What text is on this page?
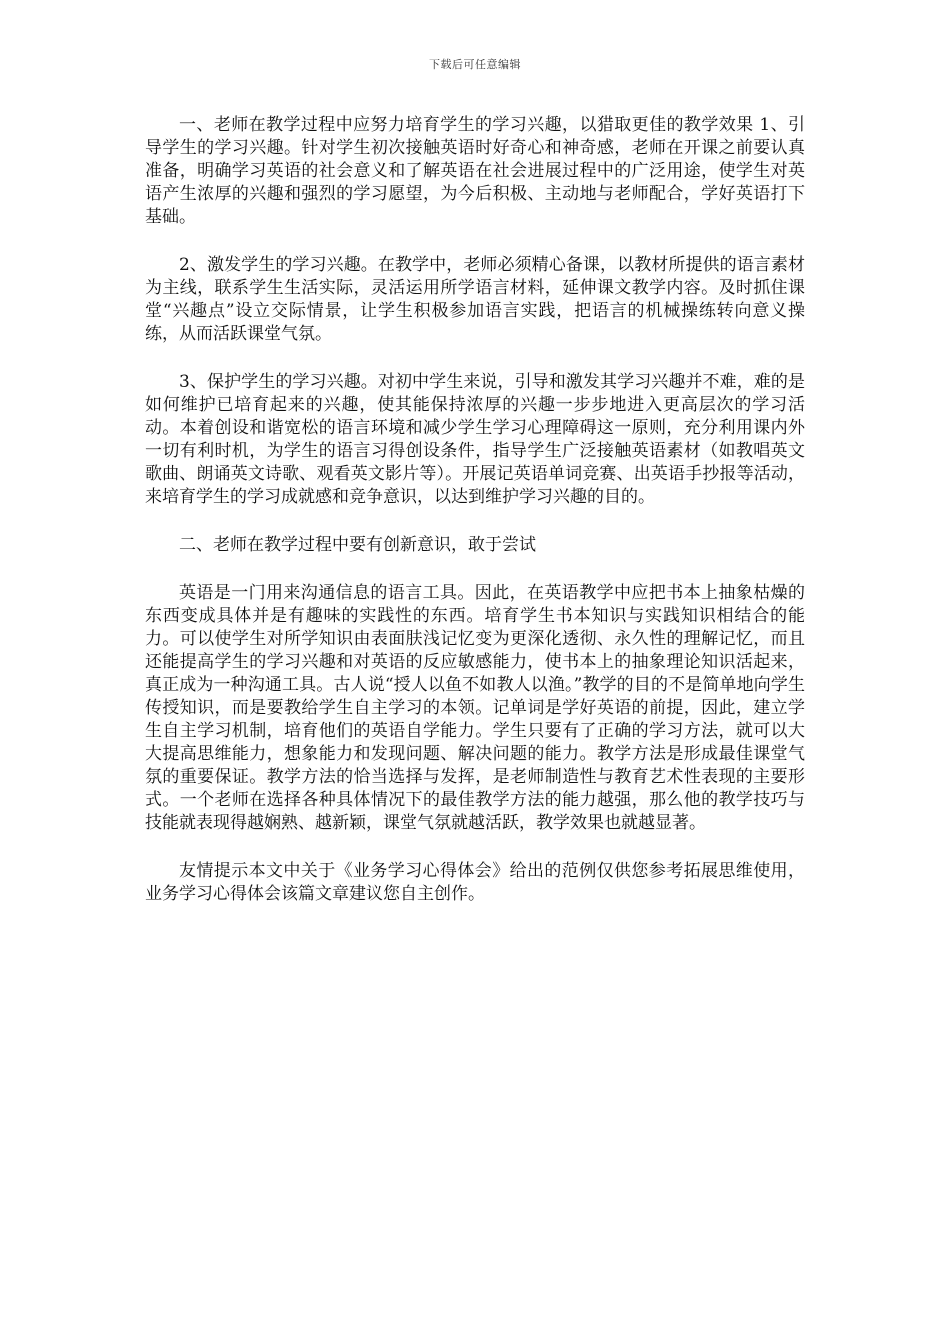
下载后可任意编辑

一、老师在教学过程中应努力培育学生的学习兴趣，以猎取更佳的教学效果 1、引导学生的学习兴趣。针对学生初次接触英语时好奇心和神奇感，老师在开课之前要认真准备，明确学习英语的社会意义和了解英语在社会进展过程中的广泛用途，使学生对英语产生浓厚的兴趣和强烈的学习愿望，为今后积极、主动地与老师配合，学好英语打下基础。

2、激发学生的学习兴趣。在教学中，老师必须精心备课，以教材所提供的语言素材为主线，联系学生生活实际，灵活运用所学语言材料，延伸课文教学内容。及时抓住课堂“兴趣点”设立交际情景，让学生积极参加语言实践，把语言的机械操练转向意义操练，从而活跃课堂气氛。

3、保护学生的学习兴趣。对初中学生来说，引导和激发其学习兴趣并不难，难的是如何维护已培育起来的兴趣，使其能保持浓厚的兴趣一步步地进入更高层次的学习活动。本着创设和谐宽松的语言环境和减少学生学习心理障碍这一原则，充分利用课内外一切有利时机，为学生的语言习得创设条件，指导学生广泛接触英语素材（如教唱英文歌曲、朗诵英文诗歌、观看英文影片等）。开展记英语单词竞赛、出英语手抄报等活动，来培育学生的学习成就感和竞争意识，以达到维护学习兴趣的目的。

二、老师在教学过程中要有创新意识，敢于尝试

英语是一门用来沟通信息的语言工具。因此，在英语教学中应把书本上抽象枯燥的东西变成具体并是有趣味的实践性的东西。培育学生书本知识与实践知识相结合的能力。可以使学生对所学知识由表面肤浅记忆变为更深化透彻、永久性的理解记忆，而且还能提高学生的学习兴趣和对英语的反应敏感能力，使书本上的抽象理论知识活起来，真正成为一种沟通工具。古人说“授人以鱼不如教人以渔。”教学的目的不是简单地向学生传授知识，而是要教给学生自主学习的本领。记单词是学好英语的前提，因此，建立学生自主学习机制，培育他们的英语自学能力。学生只要有了正确的学习方法，就可以大大提高思维能力，想象能力和发现问题、解决问题的能力。教学方法是形成最佳课堂气氛的重要保证。教学方法的恰当选择与发挥，是老师制造性与教育艺术性表现的主要形式。一个老师在选择各种具体情况下的最佳教学方法的能力越强，那么他的教学技巧与技能就表现得越娴熟、越新颖，课堂气氛就越活跃，教学效果也就越显著。

友情提示本文中关于《业务学习心得体会》给出的范例仅供您参考拓展思维使用，业务学习心得体会该篇文章建议您自主创作。
